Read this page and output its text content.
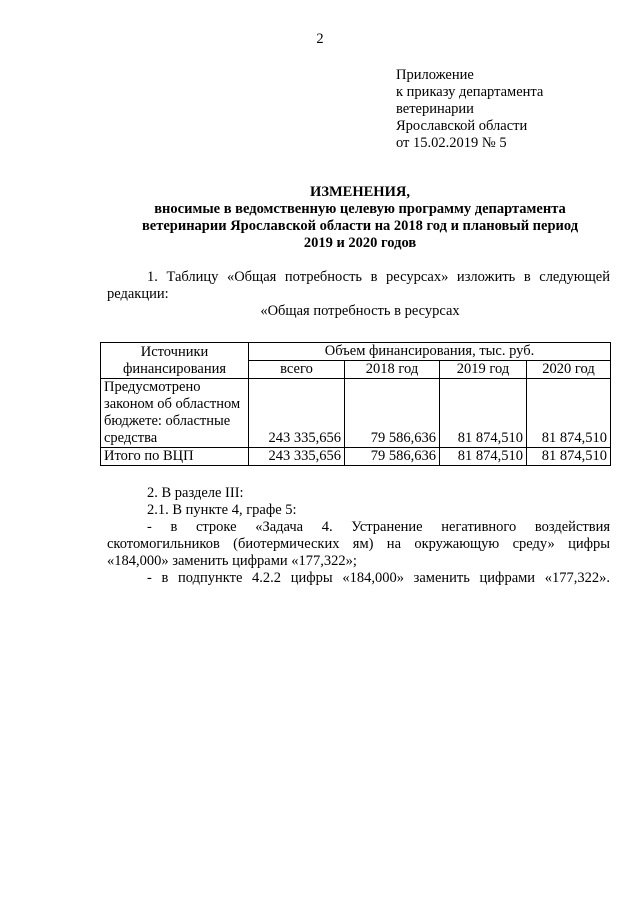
2
Приложение
к приказу департамента
ветеринарии
Ярославской области
от 15.02.2019 № 5
ИЗМЕНЕНИЯ,
вносимые в ведомственную целевую программу департамента
ветеринарии Ярославской области на 2018 год и плановый период
2019 и 2020 годов
1. Таблицу «Общая потребность в ресурсах» изложить в следующей редакции:
«Общая потребность в ресурсах
Источники финансирования	Объем финансирования, тыс. руб.			
	всего	2018 год	2019 год	2020 год
Предусмотрено законом об областном бюджете: областные средства	243 335,656	79 586,636	81 874,510	81 874,510
Итого по ВЦП	243 335,656	79 586,636	81 874,510	81 874,510
2. В разделе III:
2.1. В пункте 4, графе 5:
- в строке «Задача 4. Устранение негативного воздействия скотомогильников (биотермических ям) на окружающую среду» цифры «184,000» заменить цифрами «177,322»;
- в подпункте 4.2.2 цифры «184,000» заменить цифрами «177,322».
